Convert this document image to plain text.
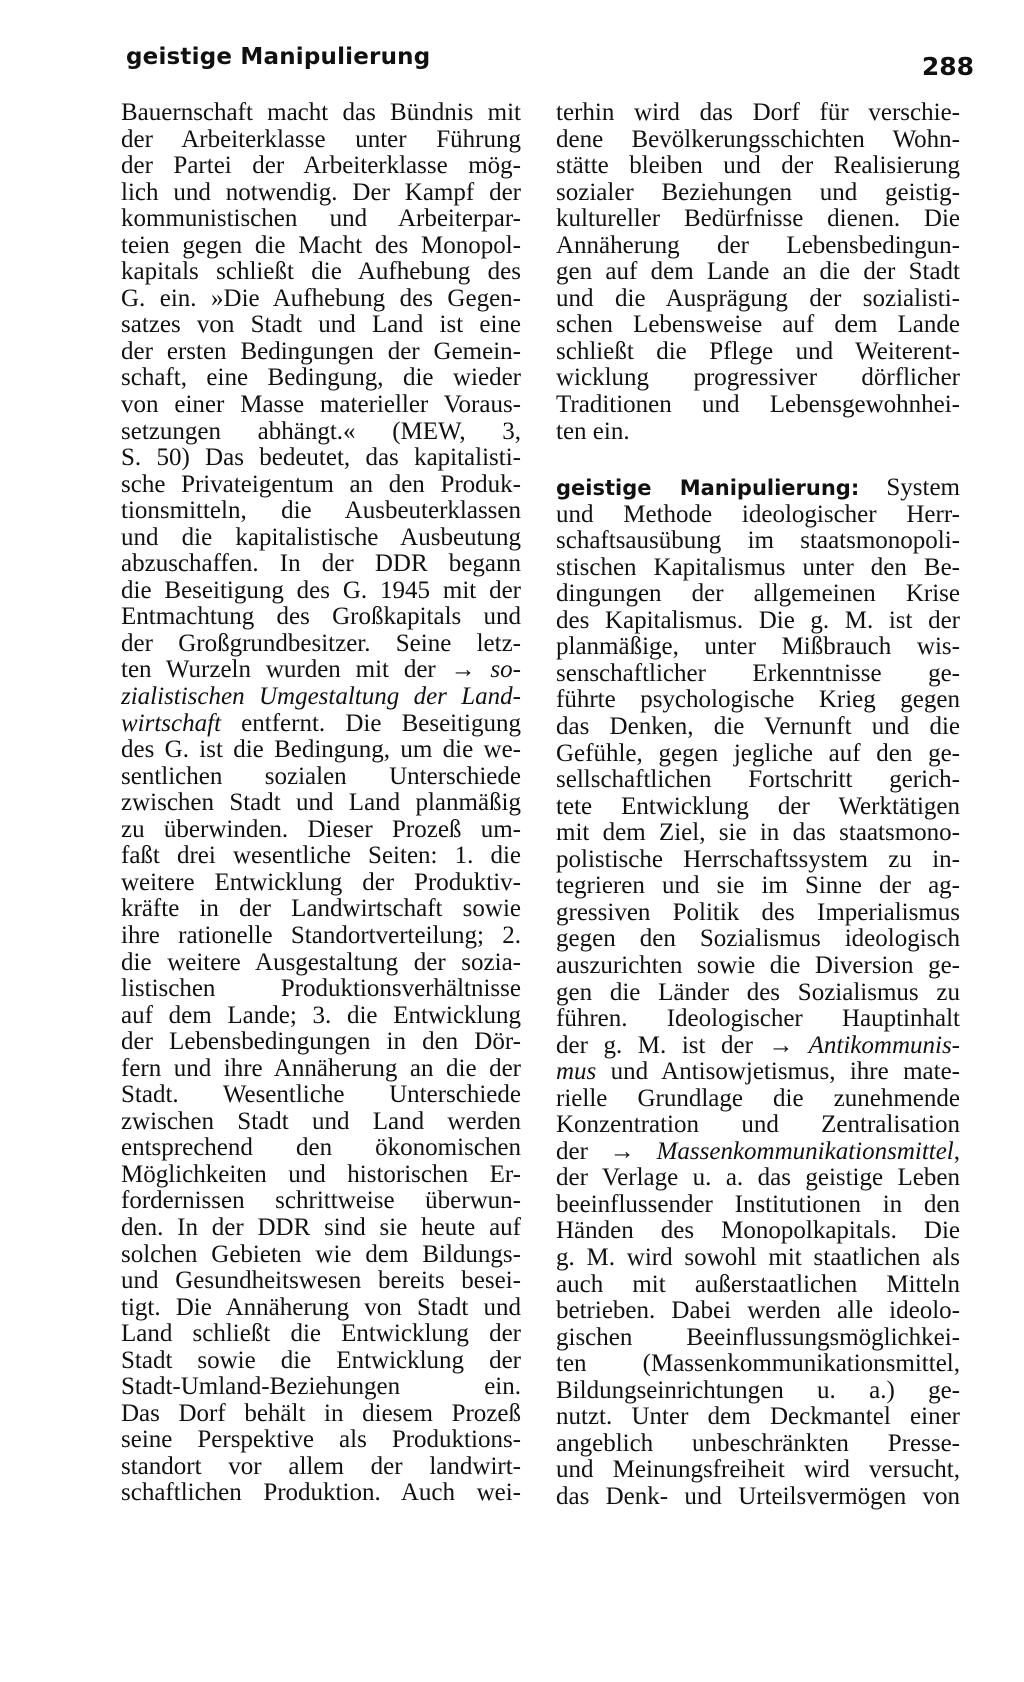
geistige Manipulierung	288
Bauernschaft macht das Bündnis mit
der Arbeiterklasse unter Führung
der Partei der Arbeiterklasse mög-
lich und notwendig. Der Kampf der
kommunistischen und Arbeiterpar-
teien gegen die Macht des Monopol-
kapitals schließt die Aufhebung des
G. ein. »Die Aufhebung des Gegen-
satzes von Stadt und Land ist eine
der ersten Bedingungen der Gemein-
schaft, eine Bedingung, die wieder
von einer Masse materieller Voraus-
setzungen abhängt.« (MEW, 3,
S. 50) Das bedeutet, das kapitalisti-
sche Privateigentum an den Produk-
tionsmitteln, die Ausbeuterklassen
und die kapitalistische Ausbeutung
abzuschaffen. In der DDR begann
die Beseitigung des G. 1945 mit der
Entmachtung des Großkapitals und
der Großgrundbesitzer. Seine letz-
ten Wurzeln wurden mit der → so-
zialistischen Umgestaltung der Land-
wirtschaft entfernt. Die Beseitigung
des G. ist die Bedingung, um die we-
sentlichen sozialen Unterschiede
zwischen Stadt und Land planmäßig
zu überwinden. Dieser Prozeß um-
faßt drei wesentliche Seiten: 1. die
weitere Entwicklung der Produktiv-
kräfte in der Landwirtschaft sowie
ihre rationelle Standortverteilung; 2.
die weitere Ausgestaltung der sozia-
listischen Produktionsverhältnisse
auf dem Lande; 3. die Entwicklung
der Lebensbedingungen in den Dör-
fern und ihre Annäherung an die der
Stadt. Wesentliche Unterschiede
zwischen Stadt und Land werden
entsprechend den ökonomischen
Möglichkeiten und historischen Er-
fordernissen schrittweise überwun-
den. In der DDR sind sie heute auf
solchen Gebieten wie dem Bildungs-
und Gesundheitswesen bereits besei-
tigt. Die Annäherung von Stadt und
Land schließt die Entwicklung der
Stadt sowie die Entwicklung der
Stadt-Umland-Beziehungen ein.
Das Dorf behält in diesem Prozeß
seine Perspektive als Produktions-
standort vor allem der landwirt-
schaftlichen Produktion. Auch wei-
terhin wird das Dorf für verschie-
dene Bevölkerungsschichten Wohn-
stätte bleiben und der Realisierung
sozialer Beziehungen und geistig-
kultureller Bedürfnisse dienen. Die
Annäherung der Lebensbedingun-
gen auf dem Lande an die der Stadt
und die Ausprägung der sozialisti-
schen Lebensweise auf dem Lande
schließt die Pflege und Weiterent-
wicklung progressiver dörflicher
Traditionen und Lebensgewohnhei-
ten ein.
geistige Manipulierung: System
und Methode ideologischer Herr-
schaftsausübung im staatsmonopoli-
stischen Kapitalismus unter den Be-
dingungen der allgemeinen Krise
des Kapitalismus. Die g. M. ist der
planmäßige, unter Mißbrauch wis-
senschaftlicher Erkenntnisse ge-
führte psychologische Krieg gegen
das Denken, die Vernunft und die
Gefühle, gegen jegliche auf den ge-
sellschaftlichen Fortschritt gerich-
tete Entwicklung der Werktätigen
mit dem Ziel, sie in das staatsmono-
polistische Herrschaftssystem zu in-
tegrieren und sie im Sinne der ag-
gressiven Politik des Imperialismus
gegen den Sozialismus ideologisch
auszurichten sowie die Diversion ge-
gen die Länder des Sozialismus zu
führen. Ideologischer Hauptinhalt
der g. M. ist der → Antikommunis-
mus und Antisowjetismus, ihre mate-
rielle Grundlage die zunehmende
Konzentration und Zentralisation
der → Massenkommunikationsmittel,
der Verlage u. a. das geistige Leben
beeinflussender Institutionen in den
Händen des Monopolkapitals. Die
g. M. wird sowohl mit staatlichen als
auch mit außerstaatlichen Mitteln
betrieben. Dabei werden alle ideolo-
gischen Beeinflussungsmöglichkei-
ten (Massenkommunikationsmittel,
Bildungseinrichtungen u. a.) ge-
nutzt. Unter dem Deckmantel einer
angeblich unbeschränkten Presse-
und Meinungsfreiheit wird versucht,
das Denk- und Urteilsvermögen von
